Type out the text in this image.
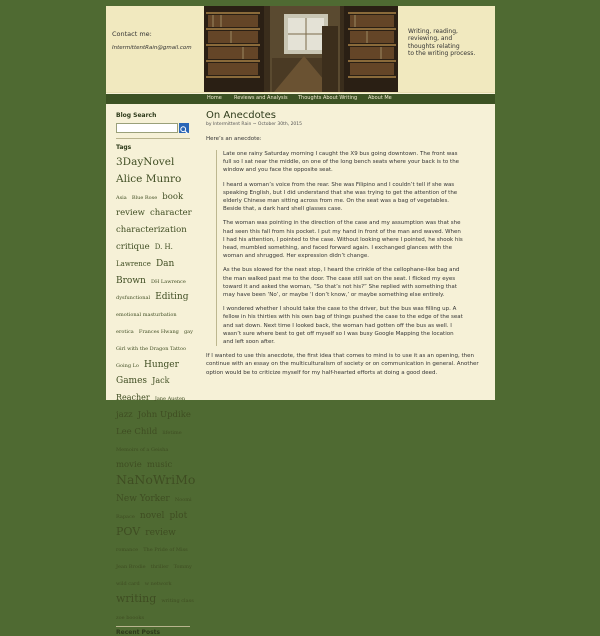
Contact me:
IntermittentRain@gmail.com
Writing, reading,
reviewing, and
thoughts relating
to the writing process.
Home Reviews and Analysis Thoughts About Writing About Me
Blog Search
Tags
3DayNovel Alice Munro Asia Blue Rose book review character characterization critique D. H. Lawrence Dan Brown DH Lawrence dysfunctional Editing emotional masturbation erotica Frances Hwang gay Girl with the Dragon Tattoo Going Lo Hunger Games Jack Reacher Jane Austen jazz John Updike Lee Child lifetime Memoirs of a Geisha movie music NaNoWriMo New Yorker Noomi Rapace novel plot POV review romance The Pride of Miss Jean Brodie thriller Tommy wild card w network writing writing class zoe boooks
Recent Posts
On Anecdotes
by Intermittent Rain ~ October 30th, 2015
Here’s an anecdote:

Late one rainy Saturday morning I caught the X9 bus going downtown. The front was full so I sat near the middle, on one of the long bench seats where your back is to the window and you face the opposite seat.

I heard a woman’s voice from the rear. She was Filipino and I couldn’t tell if she was speaking English, but I did understand that she was trying to get the attention of the elderly Chinese man sitting across from me. On the seat was a bag of vegetables. Beside that, a dark hard shell glasses case.

The woman was pointing in the direction of the case and my assumption was that she had seen this fall from his pocket. I put my hand in front of the man and waved. When I had his attention, I pointed to the case. Without looking where I pointed, he shook his head, mumbled something, and faced forward again. I exchanged glances with the woman and shrugged. Her expression didn’t change.

As the bus slowed for the next stop, I heard the crinkle of the cellophane-like bag and the man walked past me to the door. The case still sat on the seat. I flicked my eyes toward it and asked the woman, “So that’s not his?” She replied with something that may have been ‘No’, or maybe ‘I don’t know,’ or maybe something else entirely.

I wondered whether I should take the case to the driver, but the bus was filling up. A fellow in his thirties with his own bag of things pushed the case to the edge of the seat and sat down. Next time I looked back, the woman had gotten off the bus as well. I wasn’t sure where best to get off myself so I was busy Google Mapping the location and left soon after.

If I wanted to use this anecdote, the first idea that comes to mind is to use it as an opening, then continue with an essay on the multiculturalism of society or on communication in general. Another option would be to criticize myself for my half-hearted efforts at doing a good deed.
